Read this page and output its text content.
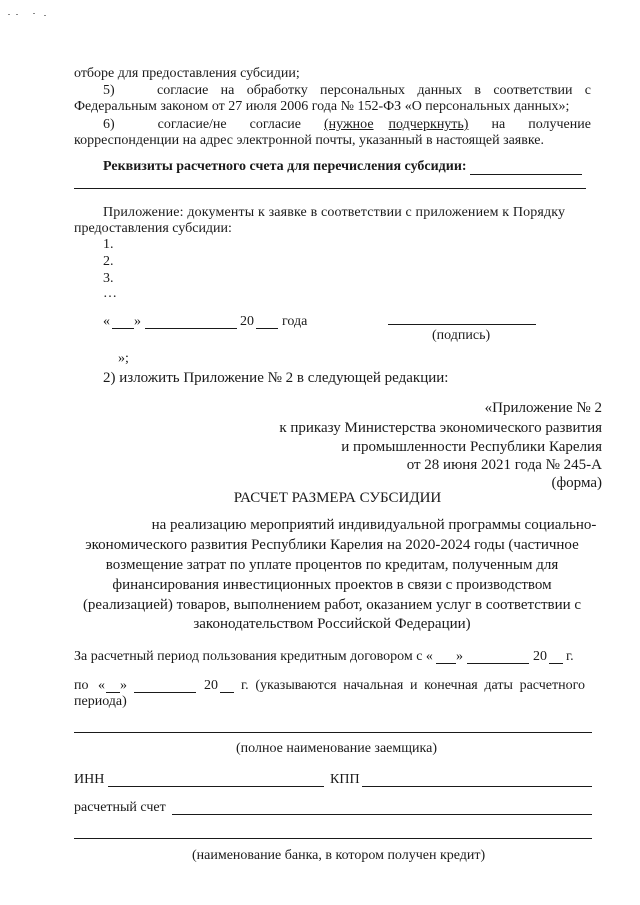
отборе для предоставления субсидии;
5)	согласие на обработку персональных данных в соответствии с
Федеральным законом от 27 июля 2006 года № 152-ФЗ «О персональных данных»;
6)	согласие/не согласие (нужное подчеркнуть) на получение
корреспонденции на адрес электронной почты, указанный в настоящей заявке.
Реквизиты расчетного счета для перечисления субсидии:
Приложение: документы к заявке в соответствии с приложением к Порядку
предоставления субсидии:
1.
2.
3.
…
« »	20 года
(подпись)
»;
2) изложить Приложение № 2 в следующей редакции:
«Приложение № 2
к приказу Министерства экономического развития
и промышленности Республики Карелия
от 28 июня 2021 года № 245-А
(форма)
РАСЧЕТ РАЗМЕРА СУБСИДИИ
на реализацию мероприятий индивидуальной программы социально-
экономического развития Республики Карелия на 2020-2024 годы (частичное
возмещение затрат по уплате процентов по кредитам, полученным для
финансирования инвестиционных проектов в связи с производством
(реализацией) товаров, выполнением работ, оказанием услуг в соответствии с
законодательством Российской Федерации)
За расчетный период пользования кредитным договором с « »	20 г.
по « »	20 г. (указываются начальная и конечная даты расчетного
периода)
(полное наименование заемщика)
ИНН	КПП
расчетный счет
(наименование банка, в котором получен кредит)
